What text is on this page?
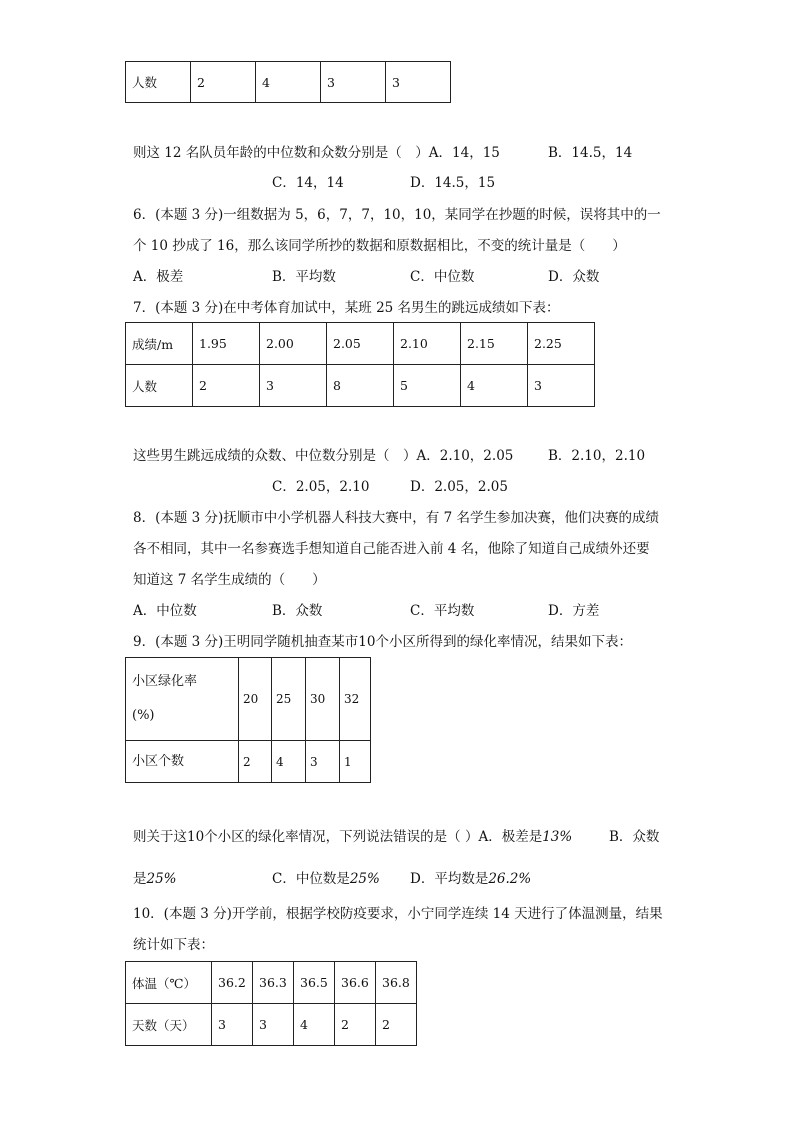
人数	2	4	3	3
则这 12 名队员年龄的中位数和众数分别是（　）A．14，15	B．14.5，14
C．14，14	D．14.5，15
6．(本题 3 分)一组数据为 5，6，7，7，10，10，某同学在抄题的时候，误将其中的一
个 10 抄成了 16，那么该同学所抄的数据和原数据相比，不变的统计量是（　　）
A．极差	B．平均数	C．中位数	D．众数
7．(本题 3 分)在中考体育加试中，某班 25 名男生的跳远成绩如下表：
成绩/m	1.95	2.00	2.05	2.10	2.15	2.25
人数	2	3	8	5	4	3
这些男生跳远成绩的众数、中位数分别是（　）A．2.10，2.05	B．2.10，2.10
C．2.05，2.10	D．2.05，2.05
8．(本题 3 分)抚顺市中小学机器人科技大赛中，有 7 名学生参加决赛，他们决赛的成绩
各不相同，其中一名参赛选手想知道自己能否进入前 4 名，他除了知道自己成绩外还要
知道这 7 名学生成绩的（　　）
A．中位数	B．众数	C．平均数	D．方差
9．(本题 3 分)王明同学随机抽查某市10个小区所得到的绿化率情况，结果如下表：
小区绿化率
(%)	20	25	30	32
小区个数	2	4	3	1
则关于这10个小区的绿化率情况，下列说法错误的是（ ）A．极差是13%	B．众数
是25%	C．中位数是25% D．平均数是26.2%
10．(本题 3 分)开学前，根据学校防疫要求，小宁同学连续 14 天进行了体温测量，结果
统计如下表：
体温（℃）	36.2	36.3	36.5	36.6	36.8
天数（天）	3	3	4	2	2
